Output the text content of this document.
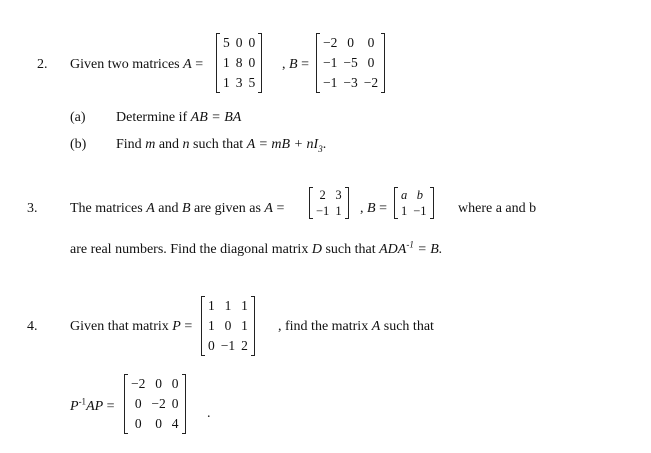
2. Given two matrices A =
5	0	0
1	8	0
1	3	5
, B =
−2	0	0
−1	−5	0
−1	−3	−2
(a) Determine if AB = BA
(b) Find m and n such that A = mB + $nI_3$.
3. The matrices A and B are given as A =
2	3
−1	1 , B =
a	b
1	−1 where a and b
are real numbers. Find the diagonal matrix D such that $ADA^{-1} = B$.
4. Given that matrix P =
1	1	1
1	0	1
0	−1	2
, find the matrix A such that
$P^{-1}AP$ =
−2	0	0
0	−2	0
0	0	4
.
